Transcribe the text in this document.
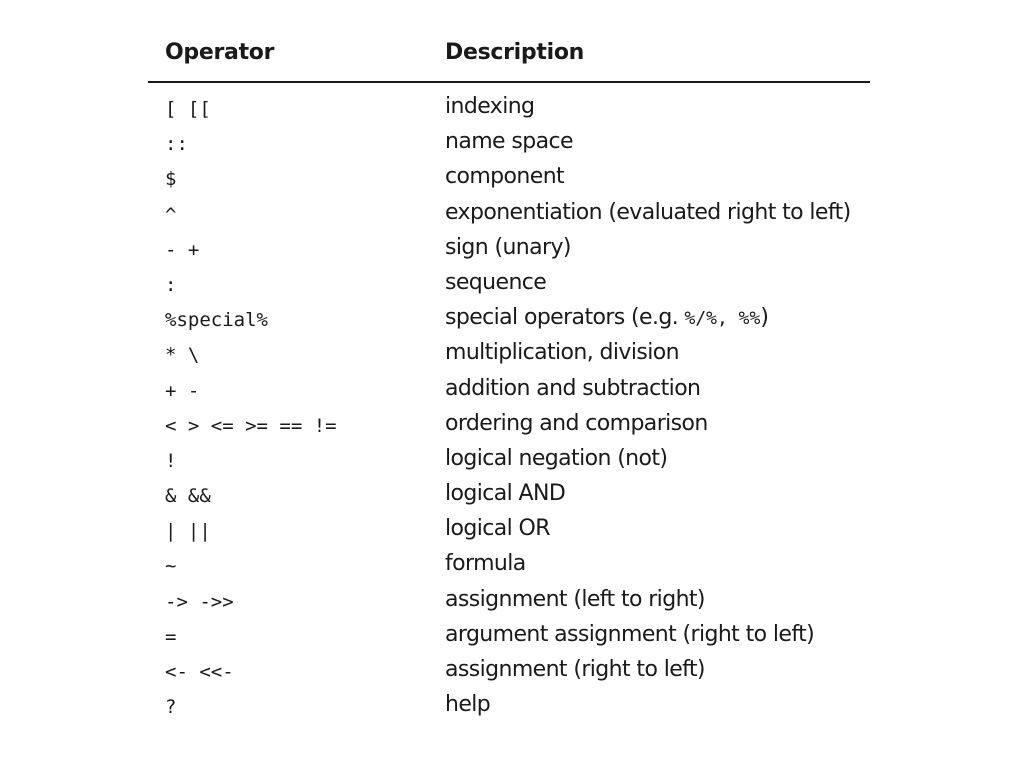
Operator	Description
[ [[	indexing
::	name space
$	component
^	exponentiation (evaluated right to left)
- +	sign (unary)
:	sequence
%special%	special operators (e.g. %/%, %%)
* \	multiplication, division
+ -	addition and subtraction
< > <= >= == !=	ordering and comparison
!	logical negation (not)
& &&	logical AND
| ||	logical OR
~	formula
-> ->>	assignment (left to right)
=	argument assignment (right to left)
<- <<-	assignment (right to left)
?	help
